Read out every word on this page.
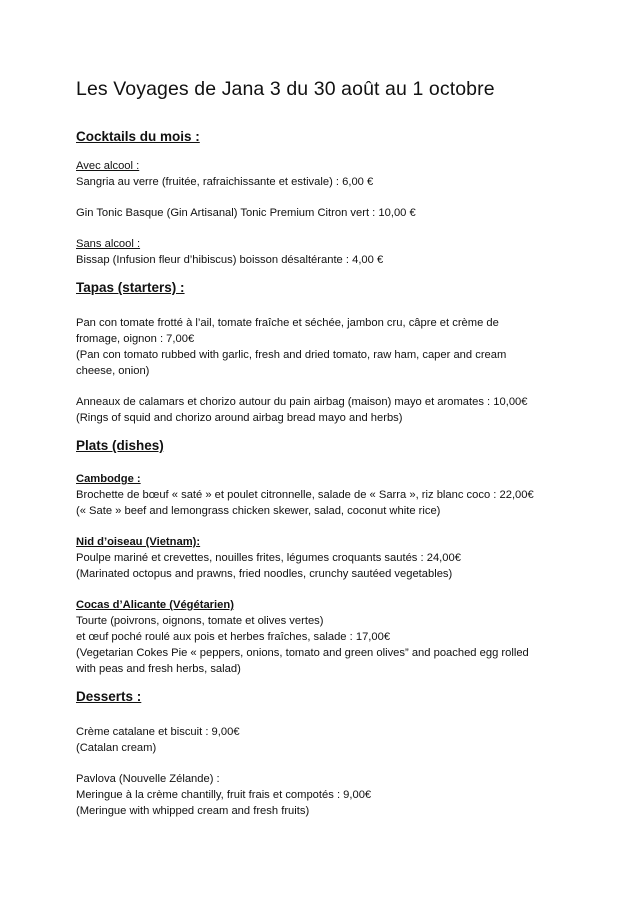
Les Voyages de Jana 3 du 30 août au 1 octobre
Cocktails du mois :

Avec alcool :

Sangria au verre (fruitée, rafraichissante et estivale) : 6,00 €

Gin Tonic Basque (Gin Artisanal) Tonic Premium Citron vert : 10,00 €

Sans alcool :

Bissap (Infusion fleur d’hibiscus) boisson désaltérante : 4,00 €

Tapas (starters) :

Pan con tomate frotté à l’ail, tomate fraîche et séchée, jambon cru, câpre et crème de

fromage, oignon : 7,00€

(Pan con tomato rubbed with garlic, fresh and dried tomato, raw ham, caper and cream

cheese, onion)

Anneaux de calamars et chorizo autour du pain airbag (maison) mayo et aromates : 10,00€

(Rings of squid and chorizo around airbag bread mayo and herbs)

Plats (dishes)

Cambodge :

Brochette de bœuf « saté » et poulet citronnelle, salade de « Sarra », riz blanc coco : 22,00€

(« Sate » beef and lemongrass chicken skewer, salad, coconut white rice)

Nid d’oiseau (Vietnam):

Poulpe mariné et crevettes, nouilles frites, légumes croquants sautés : 24,00€

(Marinated octopus and prawns, fried noodles, crunchy sautéed vegetables)

Cocas d’Alicante (Végétarien)

Tourte (poivrons, oignons, tomate et olives vertes)

et œuf poché roulé aux pois et herbes fraîches, salade : 17,00€

(Vegetarian Cokes Pie « peppers, onions, tomato and green olives” and poached egg rolled

with peas and fresh herbs, salad)

Desserts :

Crème catalane et biscuit : 9,00€

(Catalan cream)

Pavlova (Nouvelle Zélande) :

Meringue à la crème chantilly, fruit frais et compotés : 9,00€

(Meringue with whipped cream and fresh fruits)
